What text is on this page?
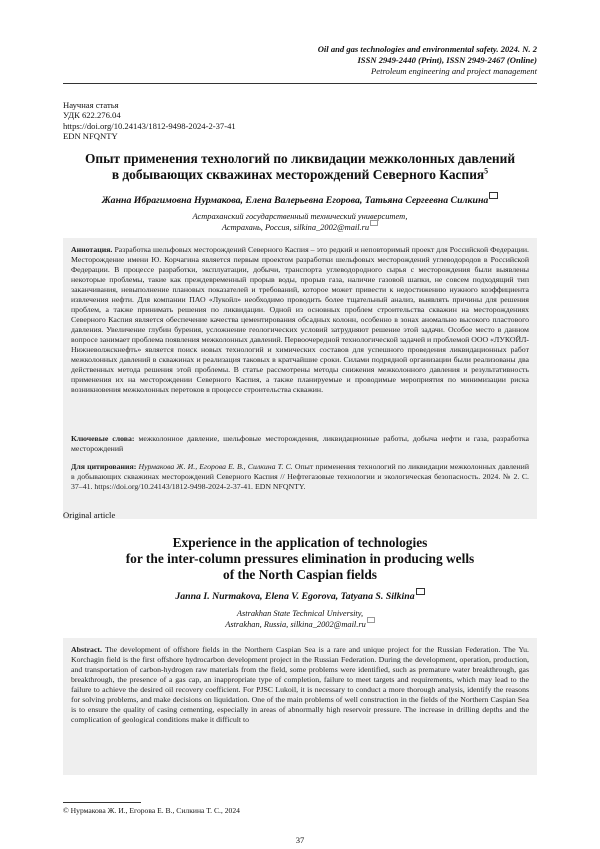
Oil and gas technologies and environmental safety. 2024. N. 2
ISSN 2949-2440 (Print), ISSN 2949-2467 (Online)
Petroleum engineering and project management
Научная статья
УДК 622.276.04
https://doi.org/10.24143/1812-9498-2024-2-37-41
EDN NFQNTY
Опыт применения технологий по ликвидации межколонных давлений
в добывающих скважинах месторождений Северного Каспия$^5$
Жанна Ибрагимовна Нурмакова, Елена Валерьевна Егорова, Татьяна Сергеевна Силкина
Астраханский государственный технический университет,
Астрахань, Россия, silkina_2002@mail.ru
Аннотация. Разработка шельфовых месторождений Северного Каспия – это редкий и неповторимый проект для Российской Федерации. Месторождение имени Ю. Корчагина является первым проектом разработки шельфовых месторождений углеводородов в Российской Федерации. В процессе разработки, эксплуатации, добычи, транспорта углеводородного сырья с месторождения были выявлены некоторые проблемы, такие как преждевременный прорыв воды, прорыв газа, наличие газовой шапки, не совсем подходящий тип заканчивания, невыполнение плановых показателей и требований, которое может привести к недостижению нужного коэффициента извлечения нефти. Для компании ПАО «Лукойл» необходимо проводить более тщательный анализ, выявлять причины для решения проблем, а также принимать решения по ликвидации. Одной из основных проблем строительства скважин на месторождениях Северного Каспия является обеспечение качества цементирования обсадных колонн, особенно в зонах аномально высокого пластового давления. Увеличение глубин бурения, усложнение геологических условий затрудняют решение этой задачи. Особое место в данном вопросе занимает проблема появления межколонных давлений. Первоочередной технологической задачей и проблемой ООО «ЛУКОЙЛ-Нижневолжскнефть» является поиск новых технологий и химических составов для успешного проведения ликвидационных работ межколонных давлений в скважинах и реализация таковых в кратчайшие сроки. Силами подрядной организации были реализованы два действенных метода решения этой проблемы. В статье рассмотрены методы снижения межколонного давления и результативность применения их на месторождении Северного Каспия, а также планируемые и проводимые мероприятия по минимизации риска возникновения межколонных перетоков в процессе строительства скважин.
Ключевые слова: межколонное давление, шельфовые месторождения, ликвидационные работы, добыча нефти и газа, разработка месторождений
Для цитирования: Нурмакова Ж. И., Егорова Е. В., Силкина Т. С. Опыт применения технологий по ликвидации межколонных давлений в добывающих скважинах месторождений Северного Каспия // Нефтегазовые технологии и экологическая безопасность. 2024. № 2. С. 37–41. https://doi.org/10.24143/1812-9498-2024-2-37-41. EDN NFQNTY.
Original article
Experience in the application of technologies
for the inter-column pressures elimination in producing wells
of the North Caspian fields
Janna I. Nurmakova, Elena V. Egorova, Tatyana S. Silkina
Astrakhan State Technical University,
Astrakhan, Russia, silkina_2002@mail.ru
Abstract. The development of offshore fields in the Northern Caspian Sea is a rare and unique project for the Russian Federation. The Yu. Korchagin field is the first offshore hydrocarbon development project in the Russian Federation. During the development, operation, production, and transportation of carbon-hydrogen raw materials from the field, some problems were identified, such as premature water breakthrough, gas breakthrough, the presence of a gas cap, an inappropriate type of completion, failure to meet targets and requirements, which may lead to the failure to achieve the desired oil recovery coefficient. For PJSC Lukoil, it is necessary to conduct a more thorough analysis, identify the reasons for solving problems, and make decisions on liquidation. One of the main problems of well construction in the fields of the Northern Caspian Sea is to ensure the quality of casing cementing, especially in areas of abnormally high reservoir pressure. The increase in drilling depths and the complication of geological conditions make it difficult to
© Нурмакова Ж. И., Егорова Е. В., Силкина Т. С., 2024
37
